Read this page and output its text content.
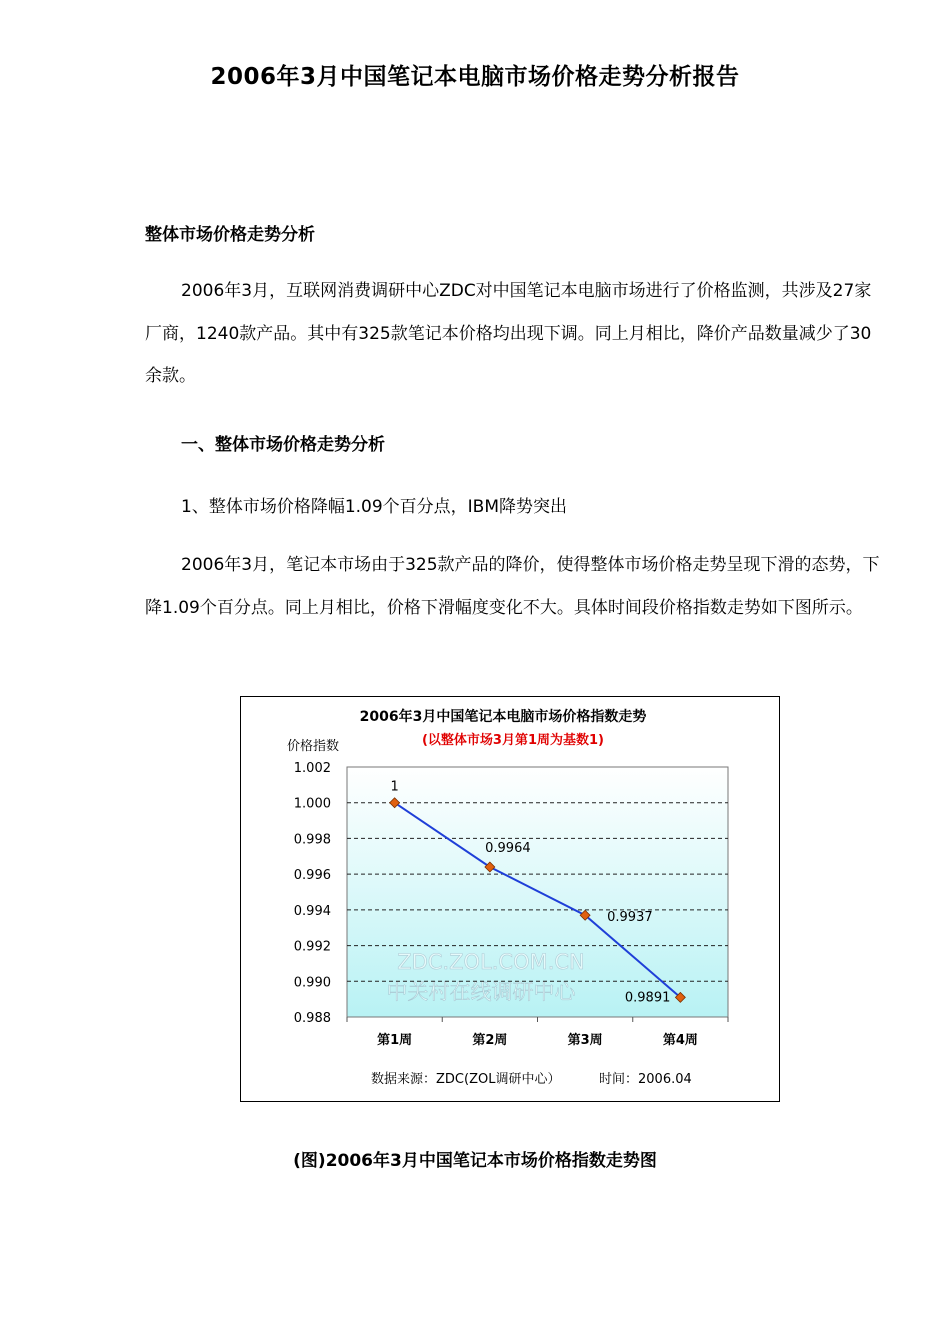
2006年3月中国笔记本电脑市场价格走势分析报告
整体市场价格走势分析
2006年3月，互联网消费调研中心ZDC对中国笔记本电脑市场进行了价格监测，共涉及27家厂商，1240款产品。其中有325款笔记本价格均出现下调。同上月相比，降价产品数量减少了30余款。
一、整体市场价格走势分析
1、整体市场价格降幅1.09个百分点，IBM降势突出
2006年3月，笔记本市场由于325款产品的降价，使得整体市场价格走势呈现下滑的态势，下降1.09个百分点。同上月相比，价格下滑幅度变化不大。具体时间段价格指数走势如下图所示。
2006年3月中国笔记本电脑市场价格指数走势
(以整体市场3月第1周为基数1)
价格指数
ZDC.ZOL.COM.CN
中关村在线调研中心
1
0.9964
0.9937
0.9891
1.002
1.000
0.998
0.996
0.994
0.992
0.990
0.988
第1周	第2周	第3周	第4周
数据来源：ZDC(ZOL调研中心）	时间：2006.04
(图)2006年3月中国笔记本市场价格指数走势图
